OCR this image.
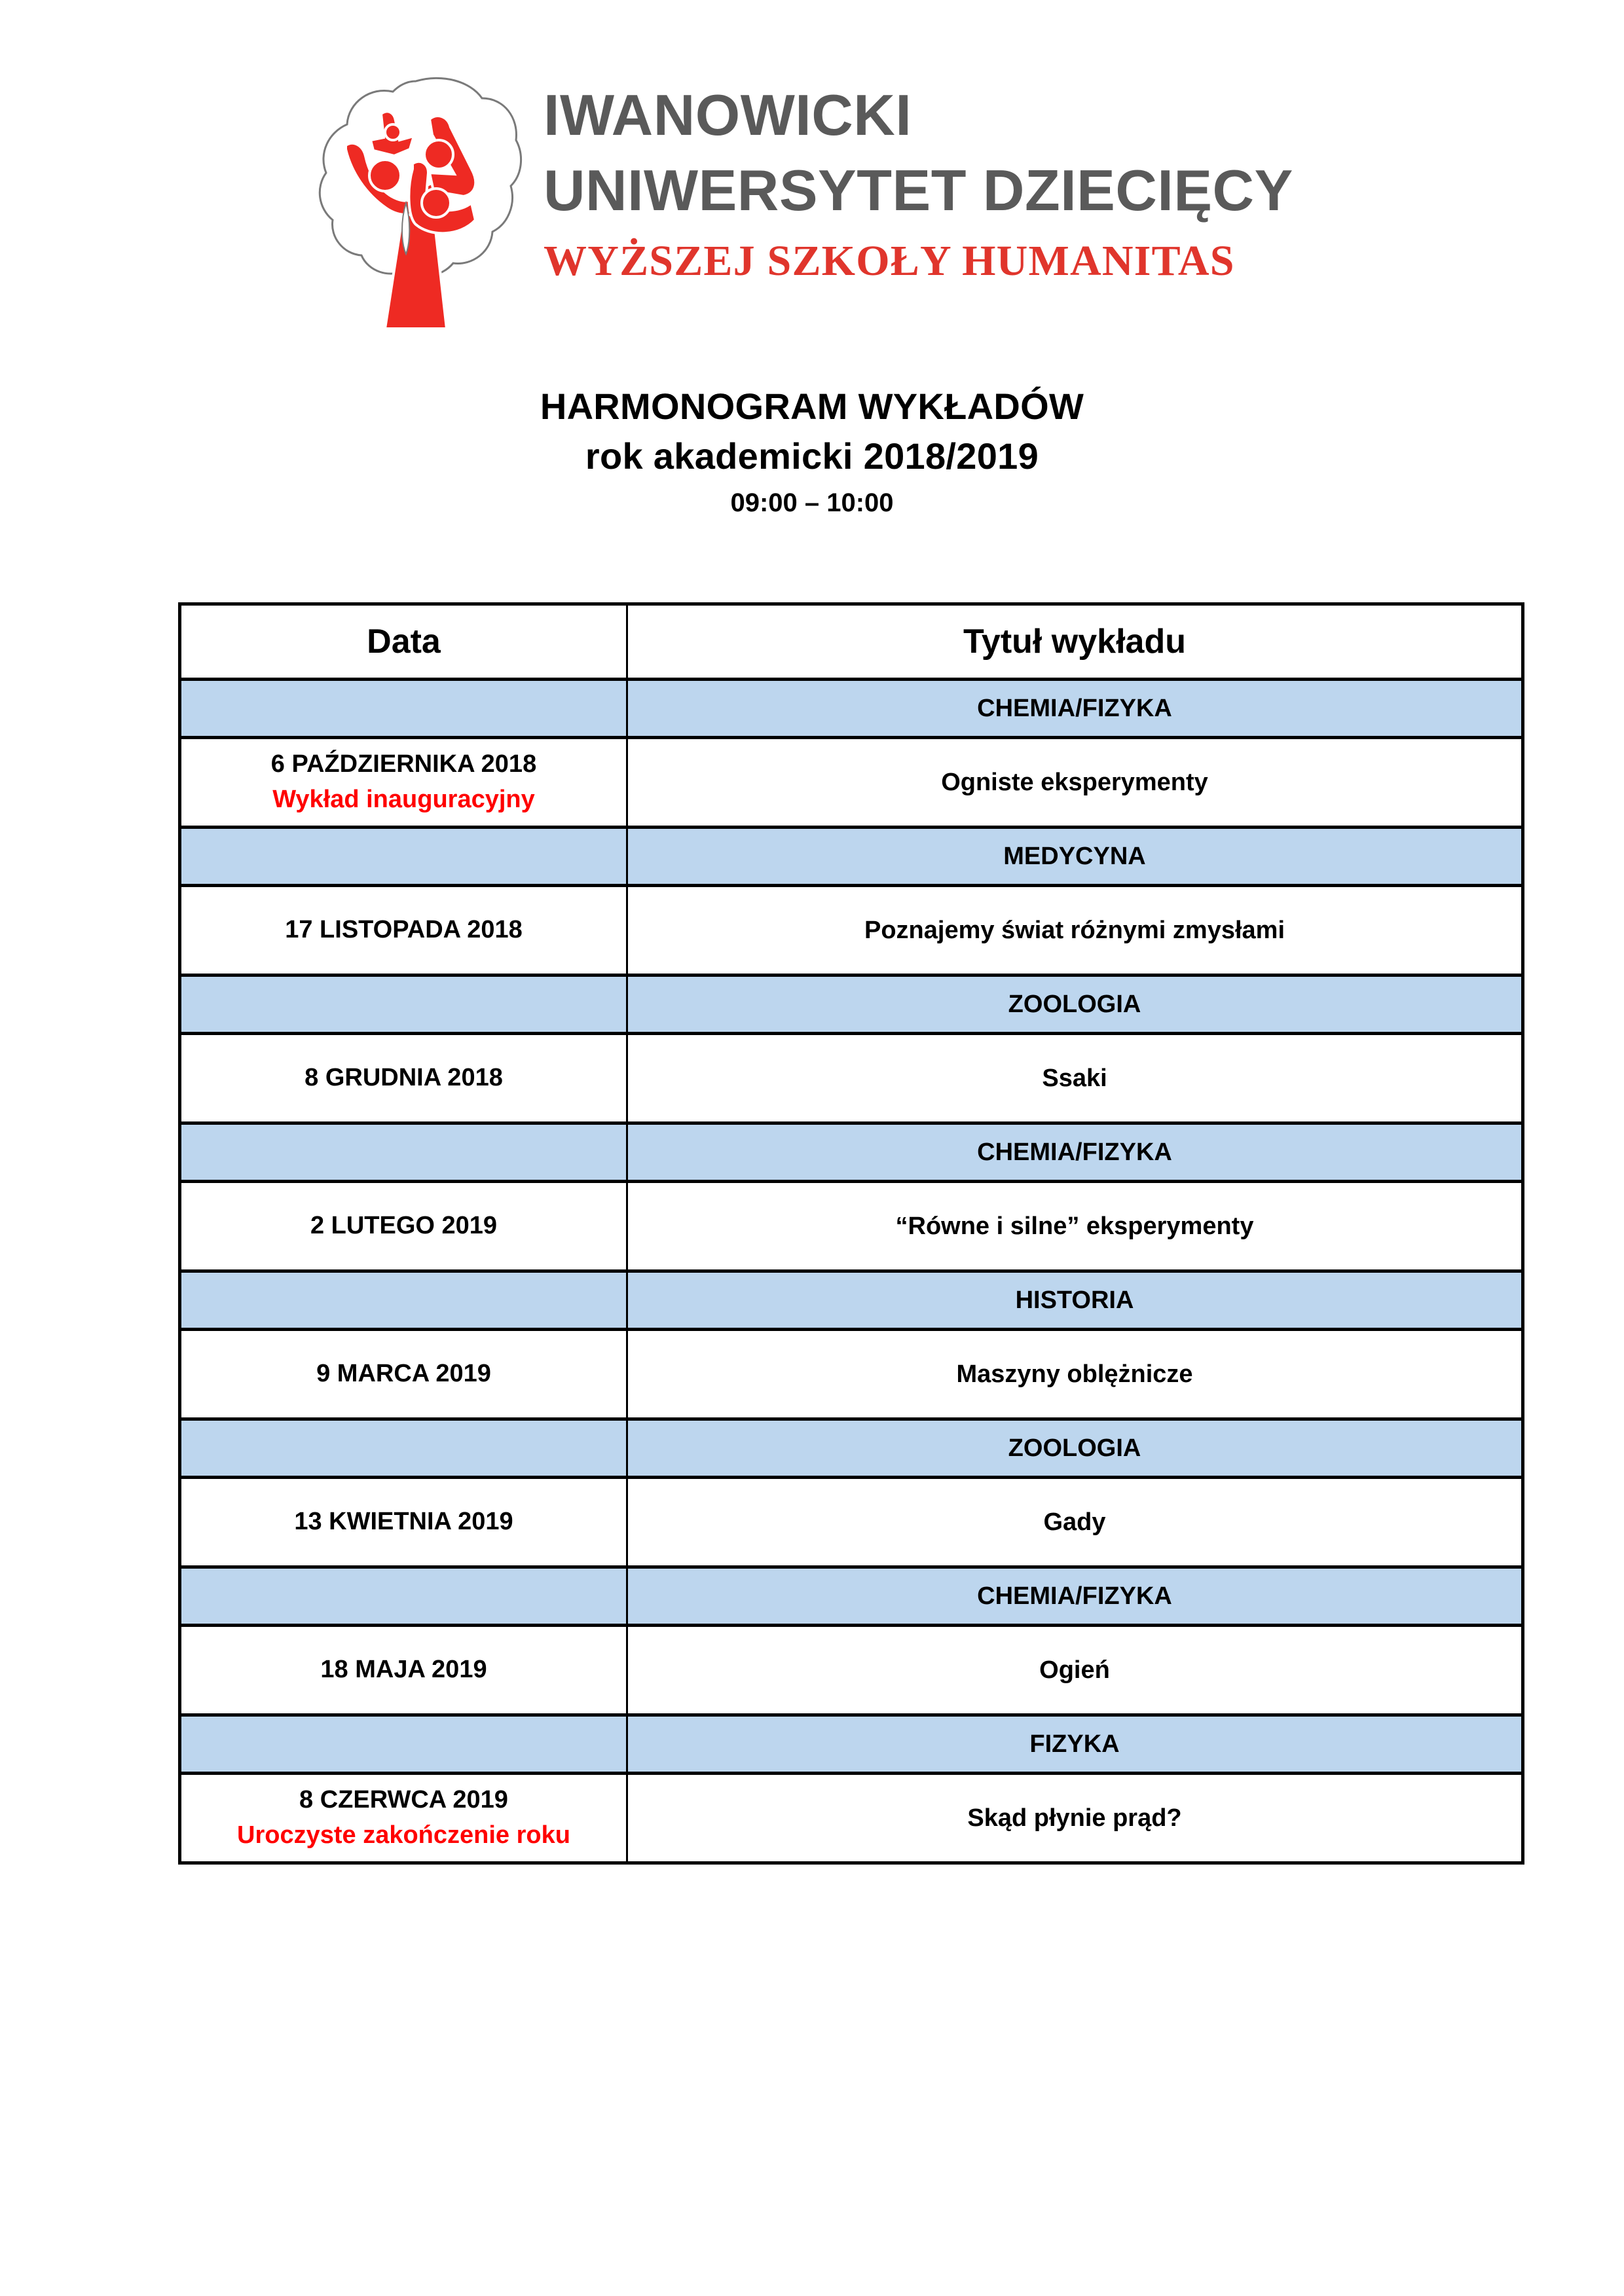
IWANOWICKI
UNIWERSYTET DZIECIĘCY
WYŻSZEJ SZKOŁY HUMANITAS
HARMONOGRAM WYKŁADÓW
rok akademicki 2018/2019
09:00 – 10:00
Data	Tytuł wykładu
	CHEMIA/FIZYKA

6 PAŹDZIERNIKA 2018
Wykład inauguracyjny	Ogniste eksperymenty
	MEDYCYNA

17 LISTOPADA 2018	Poznajemy świat różnymi zmysłami
	ZOOLOGIA

8 GRUDNIA 2018	Ssaki
	CHEMIA/FIZYKA

2 LUTEGO 2019	“Równe i silne” eksperymenty
	HISTORIA

9 MARCA 2019	Maszyny oblężnicze
	ZOOLOGIA

13 KWIETNIA 2019	Gady
	CHEMIA/FIZYKA

18 MAJA 2019	Ogień
	FIZYKA

8 CZERWCA 2019
Uroczyste zakończenie roku	Skąd płynie prąd?
